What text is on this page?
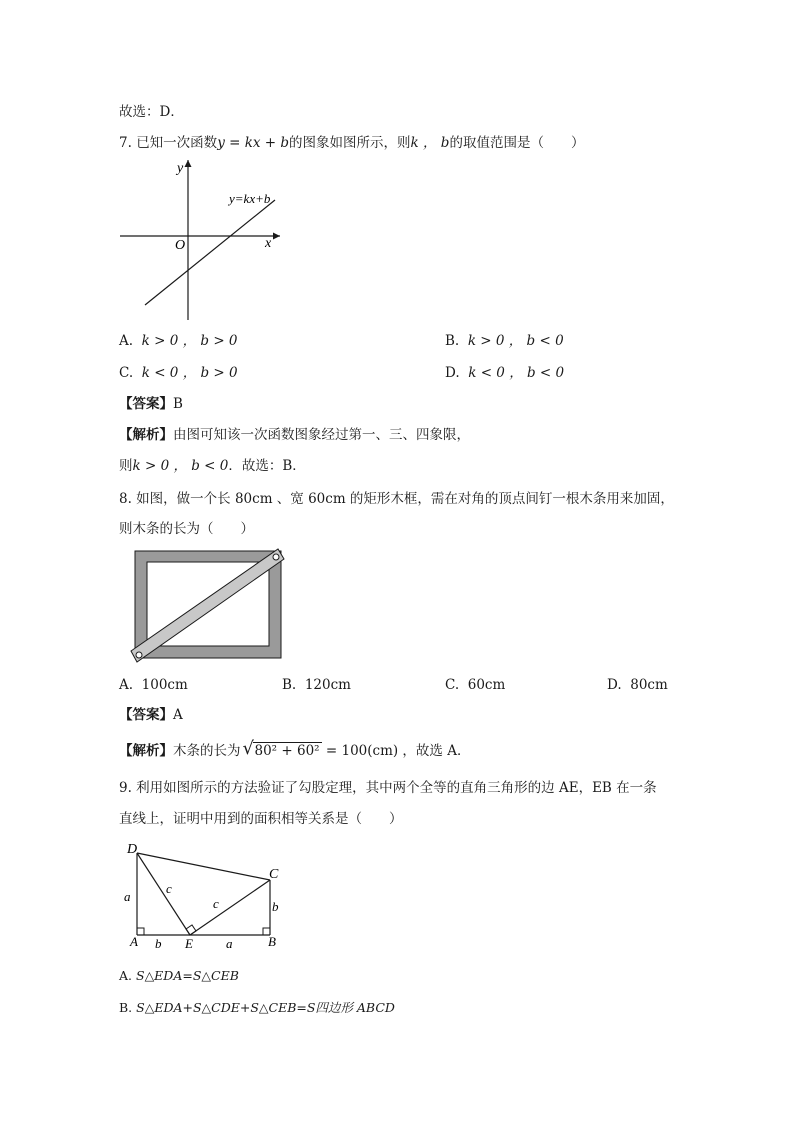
故选：D．
7. 已知一次函数y = kx + b的图象如图所示，则k ， b的取值范围是（　　）
y=kx+b
y
x
O
A. k > 0 ， b > 0	B. k > 0 ， b < 0
C. k < 0 ， b > 0	D. k < 0 ， b < 0
【答案】B
【解析】由图可知该一次函数图象经过第一、三、四象限，
则k > 0 ， b < 0．故选：B．
8. 如图，做一个长 80cm 、宽 60cm 的矩形木框，需在对角的顶点间钉一根木条用来加固，
则木条的长为（　　）
A. 100cm	B. 120cm	C. 60cm	D. 80cm
【答案】A
【解析】木条的长为 √ 80² + 60² = 100(cm) ，故选 A．
9. 利用如图所示的方法验证了勾股定理，其中两个全等的直角三角形的边 AE，EB 在一条
直线上，证明中用到的面积相等关系是（　　）
D
C
A	E	B
a
b
c
c
b	a
A. S△EDA=S△CEB
B. S△EDA+S△CDE+S△CEB=S四边形 ABCD
